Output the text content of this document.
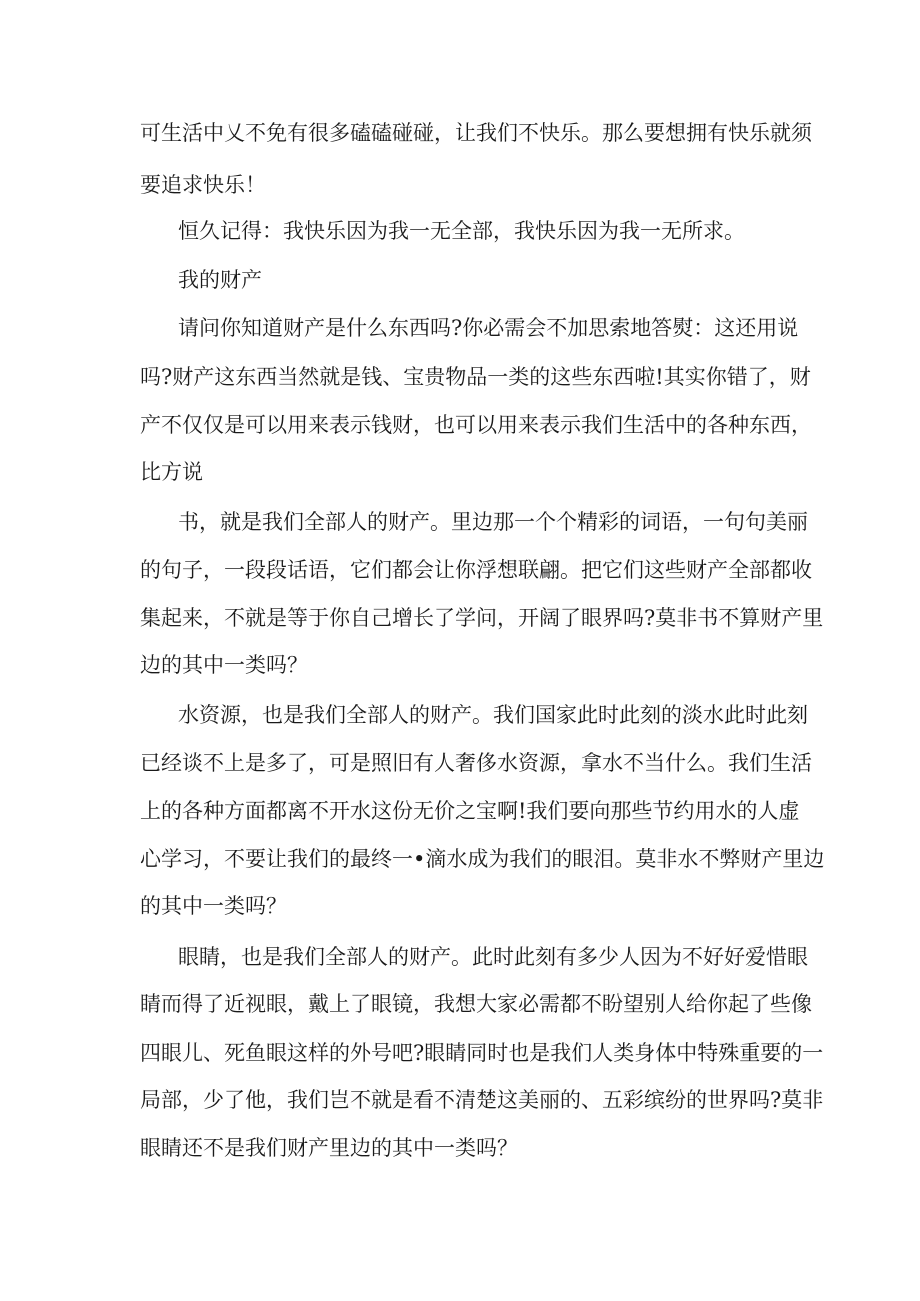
可生活中乂不免有很多磕磕碰碰，让我们不快乐。那么要想拥有快乐就须
要追求快乐！
恒久记得：我快乐因为我一无全部，我快乐因为我一无所求。
我的财产
请问你知道财产是什么东西吗?你必需会不加思索地答熨：这还用说
吗?财产这东西当然就是钱、宝贵物品一类的这些东西啦!其实你错了，财
产不仅仅是可以用来表示钱财，也可以用来表示我们生活中的各种东西，
比方说
书，就是我们全部人的财产。里边那一个个精彩的词语，一句句美丽
的句子，一段段话语，它们都会让你浮想联翩。把它们这些财产全部都收
集起来，不就是等于你自己增长了学问，开阔了眼界吗?莫非书不算财产里
边的其中一类吗？
水资源，也是我们全部人的财产。我们国家此时此刻的淡水此时此刻
已经谈不上是多了，可是照旧有人奢侈水资源，拿水不当什么。我们生活
上的各种方面都离不开水这份无价之宝啊!我们要向那些节约用水的人虚
心学习，不要让我们的最终一•滴水成为我们的眼泪。莫非水不弊财产里边
的其中一类吗？
眼睛，也是我们全部人的财产。此时此刻有多少人因为不好好爱惜眼
睛而得了近视眼，戴上了眼镜，我想大家必需都不盼望别人给你起了些像
四眼儿、死鱼眼这样的外号吧?眼睛同时也是我们人类身体中特殊重要的一
局部，少了他，我们岂不就是看不清楚这美丽的、五彩缤纷的世界吗?莫非
眼睛还不是我们财产里边的其中一类吗？
